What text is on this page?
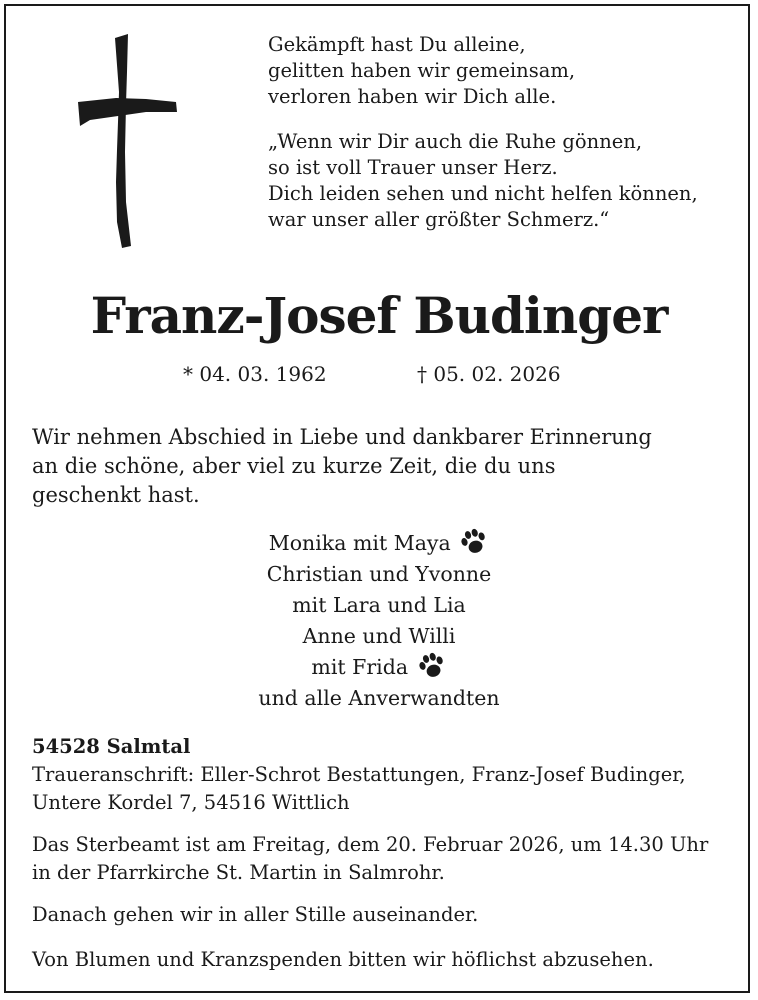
Gekämpft hast Du alleine,
gelitten haben wir gemeinsam,
verloren haben wir Dich alle.
„Wenn wir Dir auch die Ruhe gönnen,
so ist voll Trauer unser Herz.
Dich leiden sehen und nicht helfen können,
war unser aller größter Schmerz.“
Franz-Josef Budinger
* 04. 03. 1962	† 05. 02. 2026
Wir nehmen Abschied in Liebe und dankbarer Erinnerung
an die schöne, aber viel zu kurze Zeit, die du uns
geschenkt hast.
Monika mit Maya
Christian und Yvonne
mit Lara und Lia
Anne und Willi
mit Frida
und alle Anverwandten
54528 Salmtal
Traueranschrift: Eller-Schrot Bestattungen, Franz-Josef Budinger,
Untere Kordel 7, 54516 Wittlich
Das Sterbeamt ist am Freitag, dem 20. Februar 2026, um 14.30 Uhr
in der Pfarrkirche St. Martin in Salmrohr.
Danach gehen wir in aller Stille auseinander.
Von Blumen und Kranzspenden bitten wir höflichst abzusehen.
